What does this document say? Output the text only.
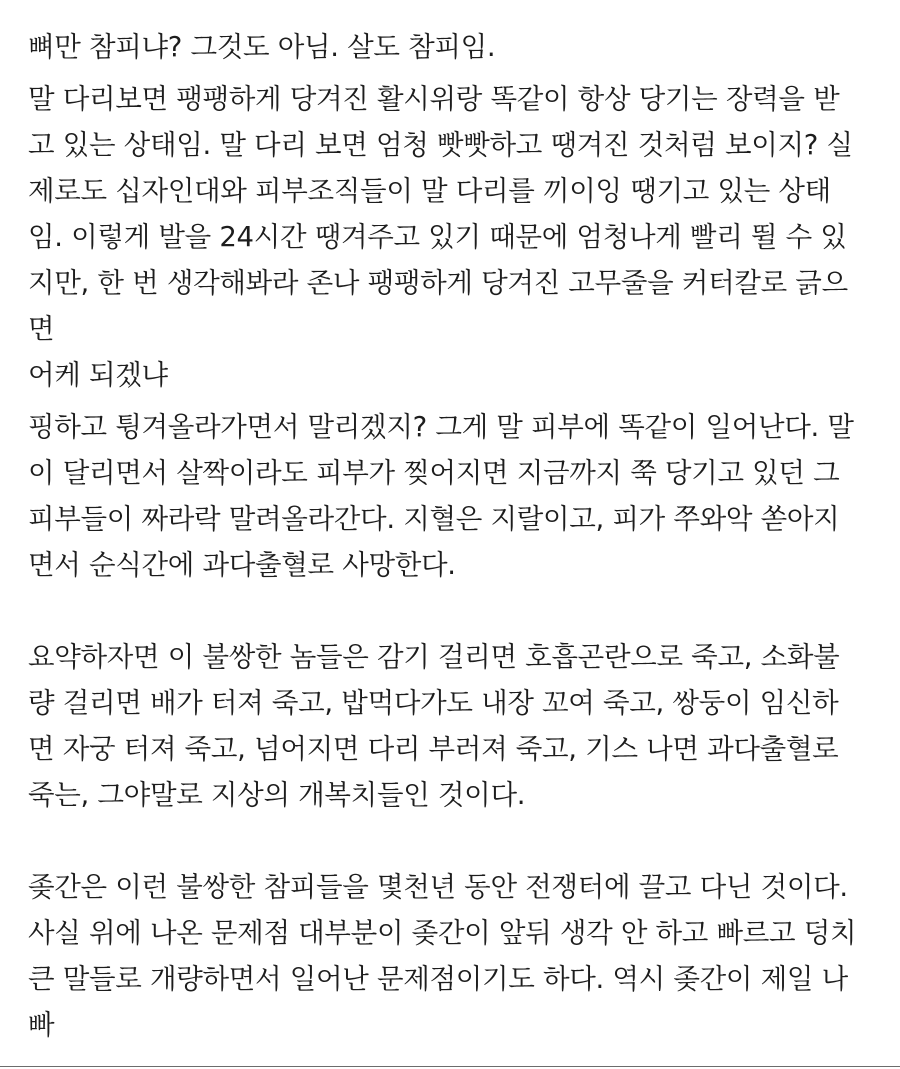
뼈만 참피냐? 그것도 아님. 살도 참피임.

말 다리보면 팽팽하게 당겨진 활시위랑 똑같이 항상 당기는 장력을 받
고 있는 상태임. 말 다리 보면 엄청 빳빳하고 땡겨진 것처럼 보이지? 실
제로도 십자인대와 피부조직들이 말 다리를 끼이잉 땡기고 있는 상태
임. 이렇게 발을 24시간 땡겨주고 있기 때문에 엄청나게 빨리 뛸 수 있
지만, 한 번 생각해봐라 존나 팽팽하게 당겨진 고무줄을 커터칼로 긁으면
어케 되겠냐

핑하고 튕겨올라가면서 말리겠지? 그게 말 피부에 똑같이 일어난다. 말
이 달리면서 살짝이라도 피부가 찢어지면 지금까지 쭉 당기고 있던 그
피부들이 짜라락 말려올라간다. 지혈은 지랄이고, 피가 쭈와악 쏟아지
면서 순식간에 과다출혈로 사망한다.

요약하자면 이 불쌍한 놈들은 감기 걸리면 호흡곤란으로 죽고, 소화불
량 걸리면 배가 터져 죽고, 밥먹다가도 내장 꼬여 죽고, 쌍둥이 임신하
면 자궁 터져 죽고, 넘어지면 다리 부러져 죽고, 기스 나면 과다출혈로
죽는, 그야말로 지상의 개복치들인 것이다.

좆간은 이런 불쌍한 참피들을 몇천년 동안 전쟁터에 끌고 다닌 것이다.
사실 위에 나온 문제점 대부분이 좆간이 앞뒤 생각 안 하고 빠르고 덩치
큰 말들로 개량하면서 일어난 문제점이기도 하다. 역시 좆간이 제일 나
빠
